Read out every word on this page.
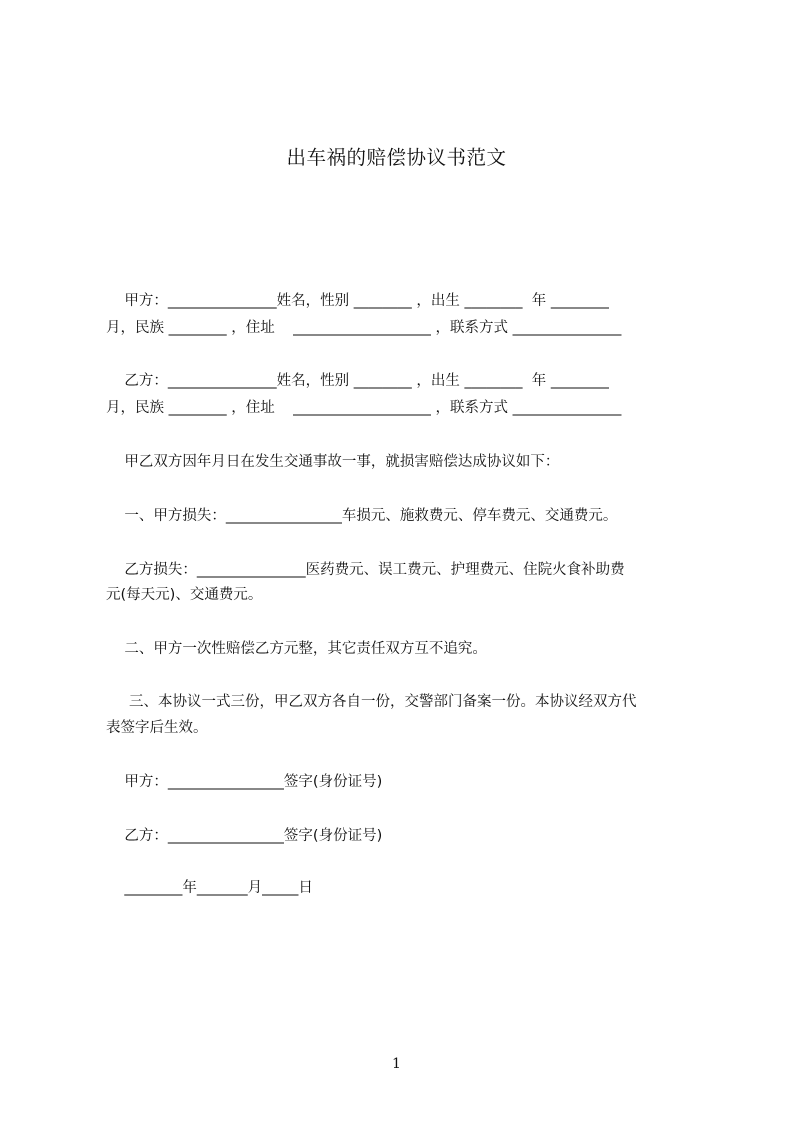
出车祸的赔偿协议书范文
甲方：_______________姓名，性别 ________ ，出生 ________  年 ________
月，民族 ________ ，住址    ___________________ ，联系方式 _______________
乙方：_______________姓名，性别 ________ ，出生 ________  年 ________
月，民族 ________ ，住址    ___________________ ，联系方式 _______________
甲乙双方因年月日在发生交通事故一事，就损害赔偿达成协议如下：
一、甲方损失：________________车损元、施救费元、停车费元、交通费元。
乙方损失：_______________医药费元、误工费元、护理费元、住院火食补助费
元(每天元)、交通费元。
二、甲方一次性赔偿乙方元整，其它责任双方互不追究。
三、本协议一式三份，甲乙双方各自一份，交警部门备案一份。本协议经双方代
表签字后生效。
甲方：________________签字(身份证号)
乙方：________________签字(身份证号)
________年_______月_____日
1
